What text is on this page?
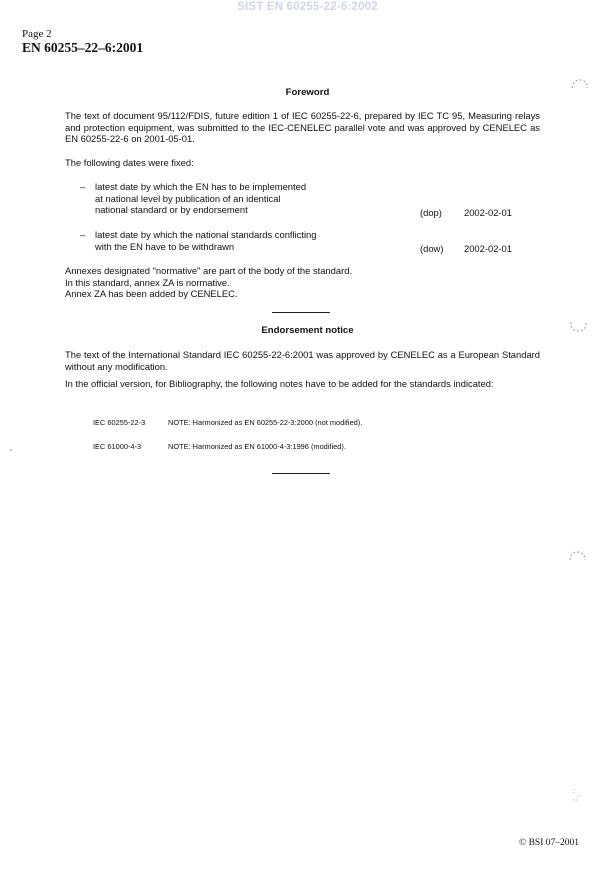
SIST EN 60255-22-6:2002
Page 2
EN 60255–22–6:2001
Foreword
The text of document 95/112/FDIS, future edition 1 of IEC 60255-22-6, prepared by IEC TC 95, Measuring relays and protection equipment, was submitted to the IEC-CENELEC parallel vote and was approved by CENELEC as EN 60255-22-6 on 2001-05-01.
The following dates were fixed:
– latest date by which the EN has to be implemented
at national level by publication of an identical
national standard or by endorsement	(dop) 2002-02-01
– latest date by which the national standards conflicting
with the EN have to be withdrawn	(dow) 2002-02-01
Annexes designated "normative" are part of the body of the standard.
In this standard, annex ZA is normative.
Annex ZA has been added by CENELEC.
Endorsement notice
The text of the International Standard IEC 60255-22-6:2001 was approved by CENELEC as a European Standard without any modification.
In the official version, for Bibliography, the following notes have to be added for the standards indicated:
IEC 60255-22-3	NOTE: Harmonized as EN 60255-22-3:2000 (not modified).
IEC 61000-4-3	NOTE: Harmonized as EN 61000-4-3:1996 (modified).
© BSI 07–2001
